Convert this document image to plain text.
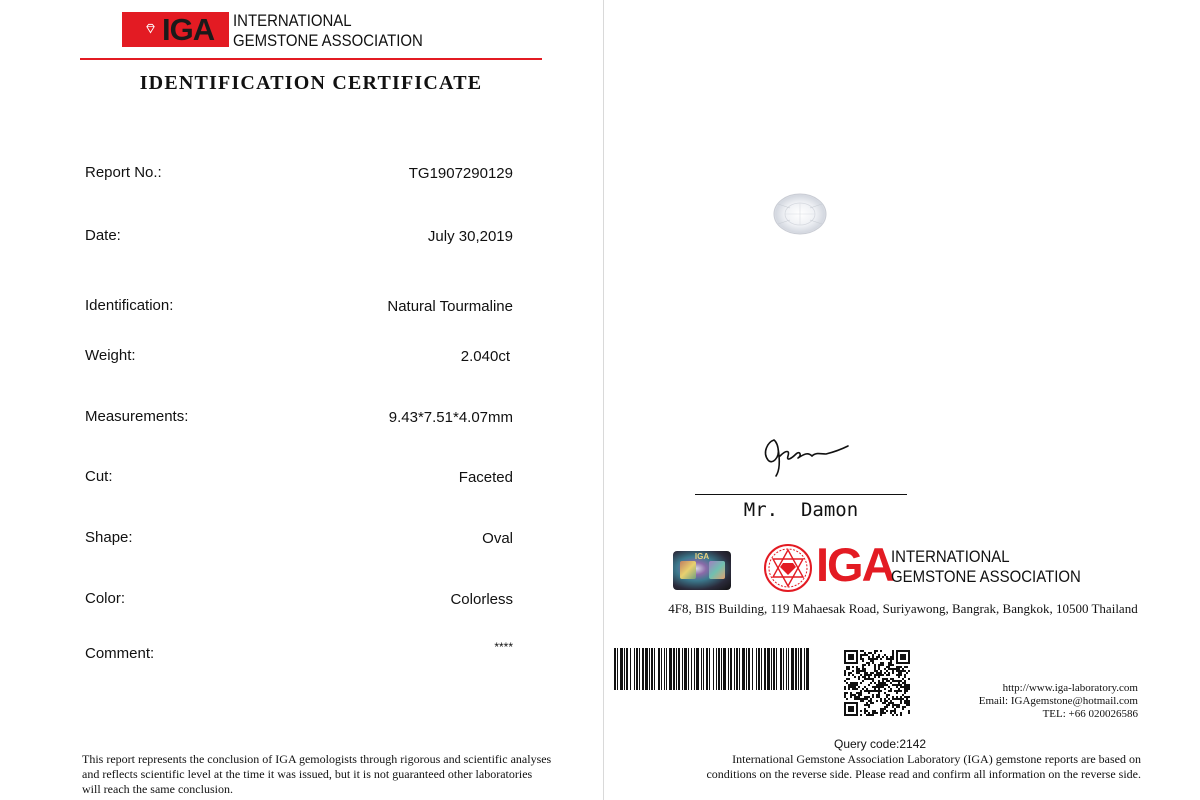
IGA INTERNATIONAL
GEMSTONE ASSOCIATION
IDENTIFICATION CERTIFICATE
Report No.:	TG1907290129
Date:	July 30,2019
Identification:	Natural Tourmaline
Weight:	2.040ct
Measurements:	9.43*7.51*4.07mm
Cut:	Faceted
Shape:	Oval
Color:	Colorless
Comment:	****
This report represents the conclusion of IGA gemologists through rigorous and scientific analyses and reflects scientific level at the time it was issued, but it is not guaranteed other laboratories will reach the same conclusion.
Mr.  Damon
IGA	IGA
INTERNATIONAL
GEMSTONE ASSOCIATION
4F8, BIS Building, 119 Mahaesak Road, Suriyawong, Bangrak, Bangkok, 10500 Thailand
http://www.iga-laboratory.com
Email: IGAgemstone@hotmail.com
TEL: +66 020026586
Query code:2142
International Gemstone Association Laboratory (IGA) gemstone reports are based on conditions on the reverse side. Please read and confirm all information on the reverse side.
